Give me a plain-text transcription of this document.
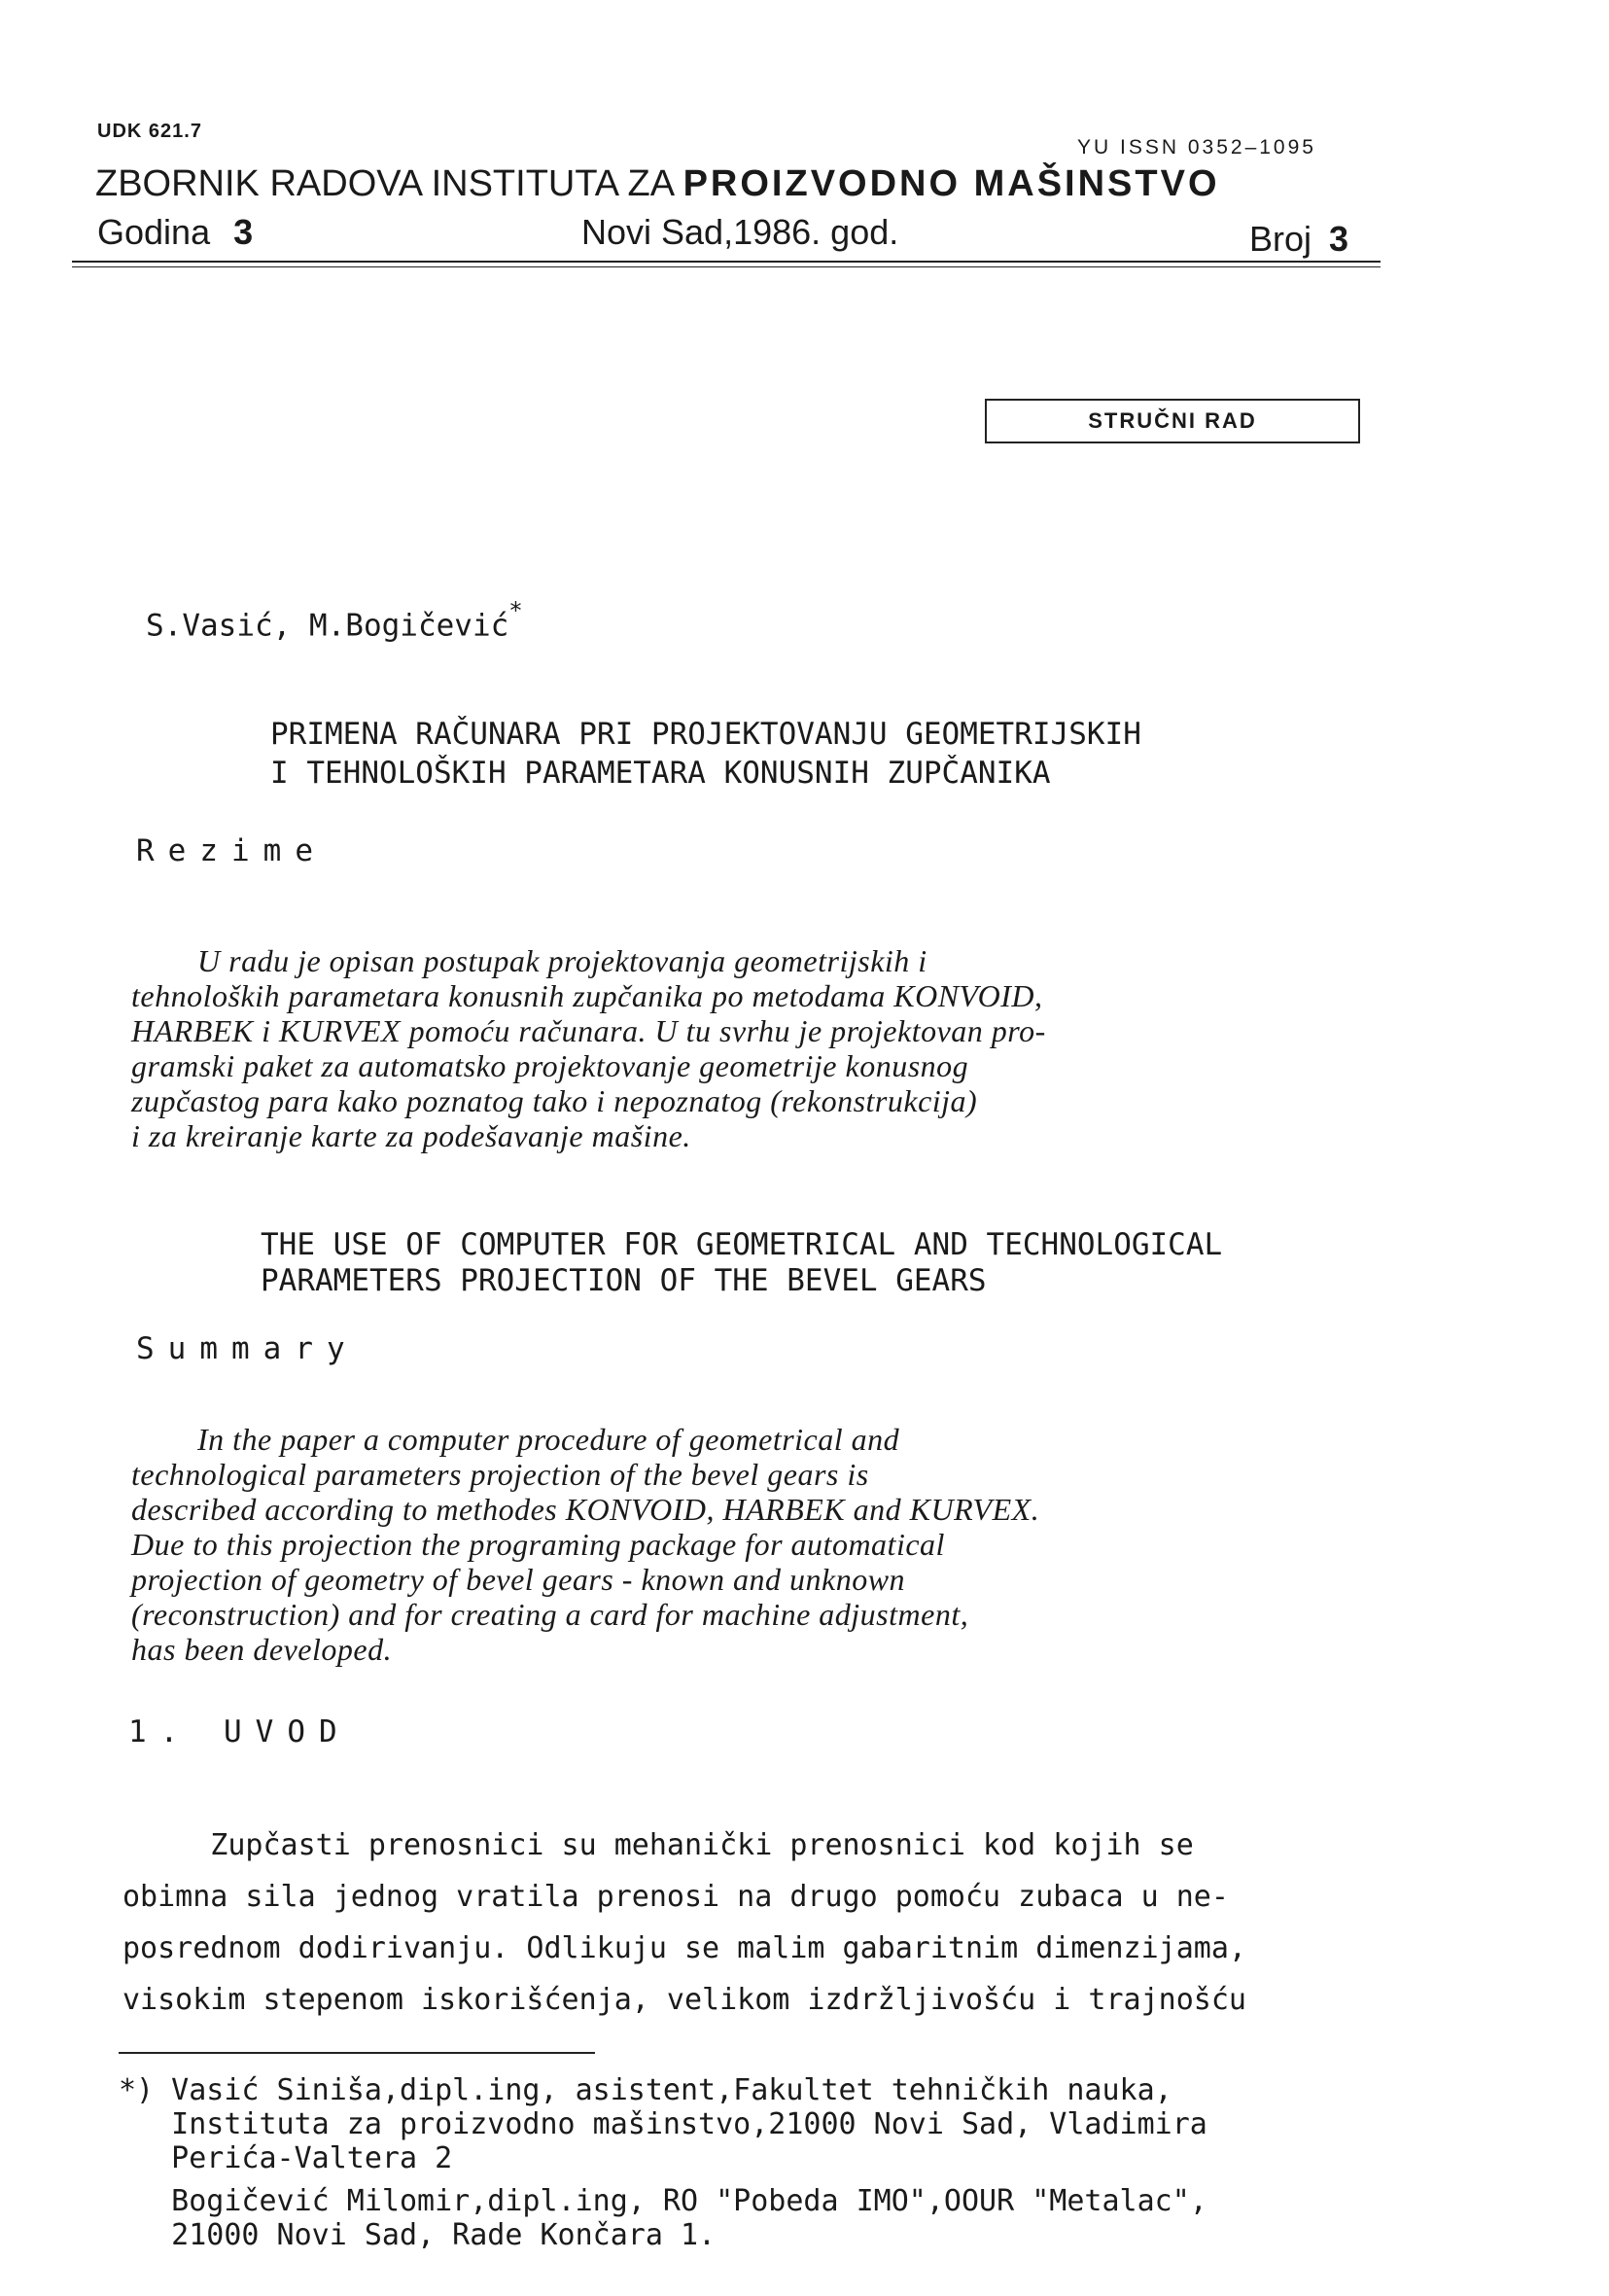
UDK 621.7
YU ISSN 0352–1095
ZBORNIK RADOVA INSTITUTA ZA PROIZVODNO MAŠINSTVO
Godina 3	Novi Sad,1986. god.	Broj 3
STRUČNI RAD
S.Vasić, M.Bogičević*
PRIMENA RAČUNARA PRI PROJEKTOVANJU GEOMETRIJSKIH
I TEHNOLOŠKIH PARAMETARA KONUSNIH ZUPČANIKA
Rezime
U radu je opisan postupak projektovanja geometrijskih i
tehnoloških parametara konusnih zupčanika po metodama KONVOID,
HARBEK i KURVEX pomoću računara. U tu svrhu je projektovan pro-
gramski paket za automatsko projektovanje geometrije konusnog
zupčastog para kako poznatog tako i nepoznatog (rekonstrukcija)
i za kreiranje karte za podešavanje mašine.
THE USE OF COMPUTER FOR GEOMETRICAL AND TECHNOLOGICAL
PARAMETERS PROJECTION OF THE BEVEL GEARS
Summary
In the paper a computer procedure of geometrical and
technological parameters projection of the bevel gears is
described according to methodes KONVOID, HARBEK and KURVEX.
Due to this projection the programing package for automatical
projection of geometry of bevel gears - known and unknown
(reconstruction) and for creating a card for machine adjustment,
has been developed.
1. UVOD
Zupčasti prenosnici su mehanički prenosnici kod kojih se
obimna sila jednog vratila prenosi na drugo pomoću zubaca u ne-
posrednom dodirivanju. Odlikuju se malim gabaritnim dimenzijama,
visokim stepenom iskorišćenja, velikom izdržljivošću i trajnošću
*) Vasić Siniša,dipl.ing, asistent,Fakultet tehničkih nauka,
Instituta za proizvodno mašinstvo,21000 Novi Sad, Vladimira
Perića-Valtera 2
Bogičević Milomir,dipl.ing, RO "Pobeda IMO",OOUR "Metalac",
21000 Novi Sad, Rade Končara 1.
